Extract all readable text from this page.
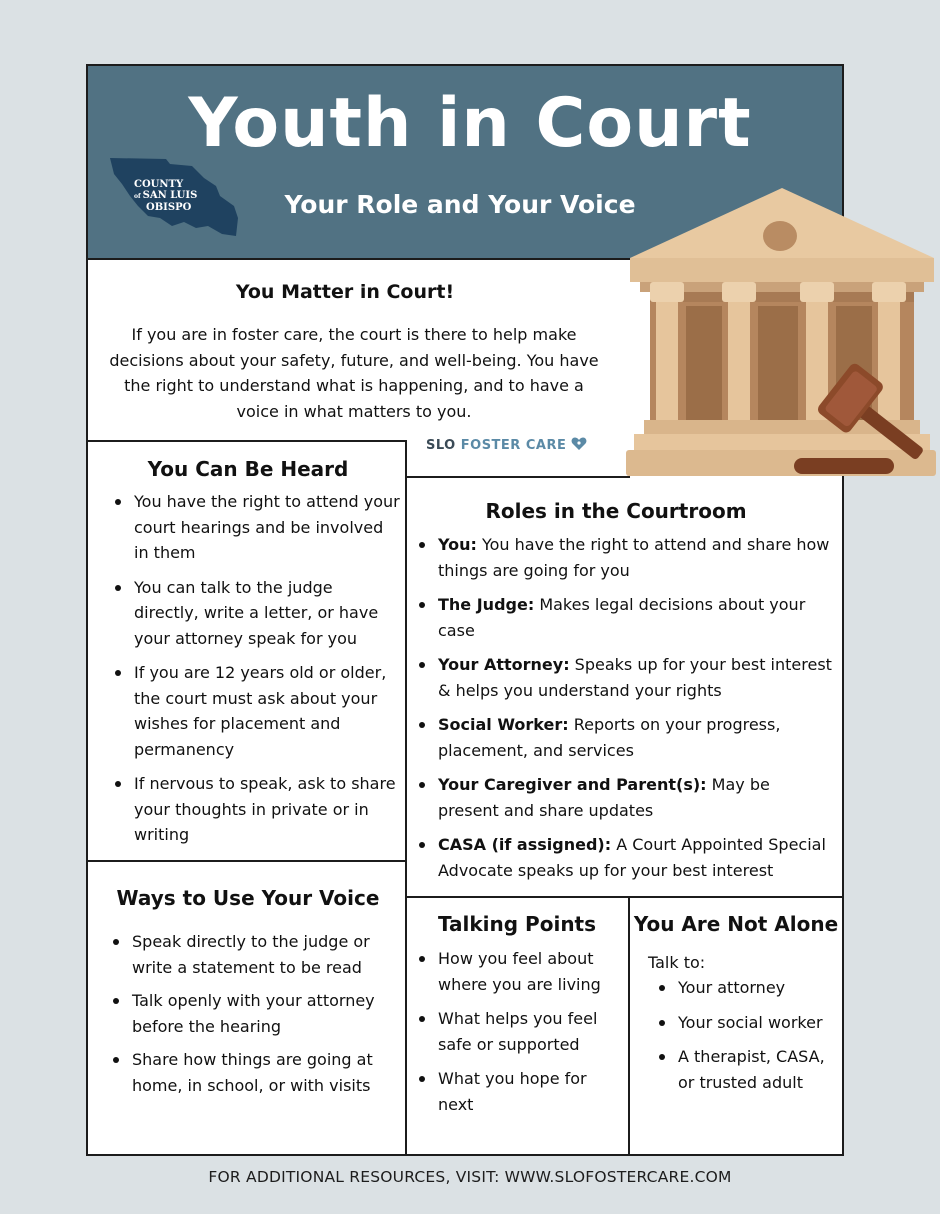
Youth in Court

Your Role and Your Voice

COUNTY
of SAN LUIS
OBISPO
You Matter in Court!

If you are in foster care, the court is there to help make decisions about your safety, future, and well-being. You have the right to understand what is happening, and to have a voice in what matters to you.

SLO FOSTER CARE
You Can Be Heard
You have the right to attend your court hearings and be involved in them
You can talk to the judge directly, write a letter, or have your attorney speak for you
If you are 12 years old or older, the court must ask about your wishes for placement and permanency
If nervous to speak, ask to share your thoughts in private or in writing
Roles in the Courtroom
You: You have the right to attend and share how things are going for you
The Judge: Makes legal decisions about your case
Your Attorney: Speaks up for your best interest & helps you understand your rights
Social Worker: Reports on your progress, placement, and services
Your Caregiver and Parent(s): May be present and share updates
CASA (if assigned): A Court Appointed Special Advocate speaks up for your best interest
Ways to Use Your Voice
Speak directly to the judge or write a statement to be read
Talk openly with your attorney before the hearing
Share how things are going at home, in school, or with visits
Talking Points
How you feel about where you are living
What helps you feel safe or supported
What you hope for next
You Are Not Alone

Talk to:

Your attorney
Your social worker
A therapist, CASA, or trusted adult

FOR ADDITIONAL RESOURCES, VISIT: WWW.SLOFOSTERCARE.COM
